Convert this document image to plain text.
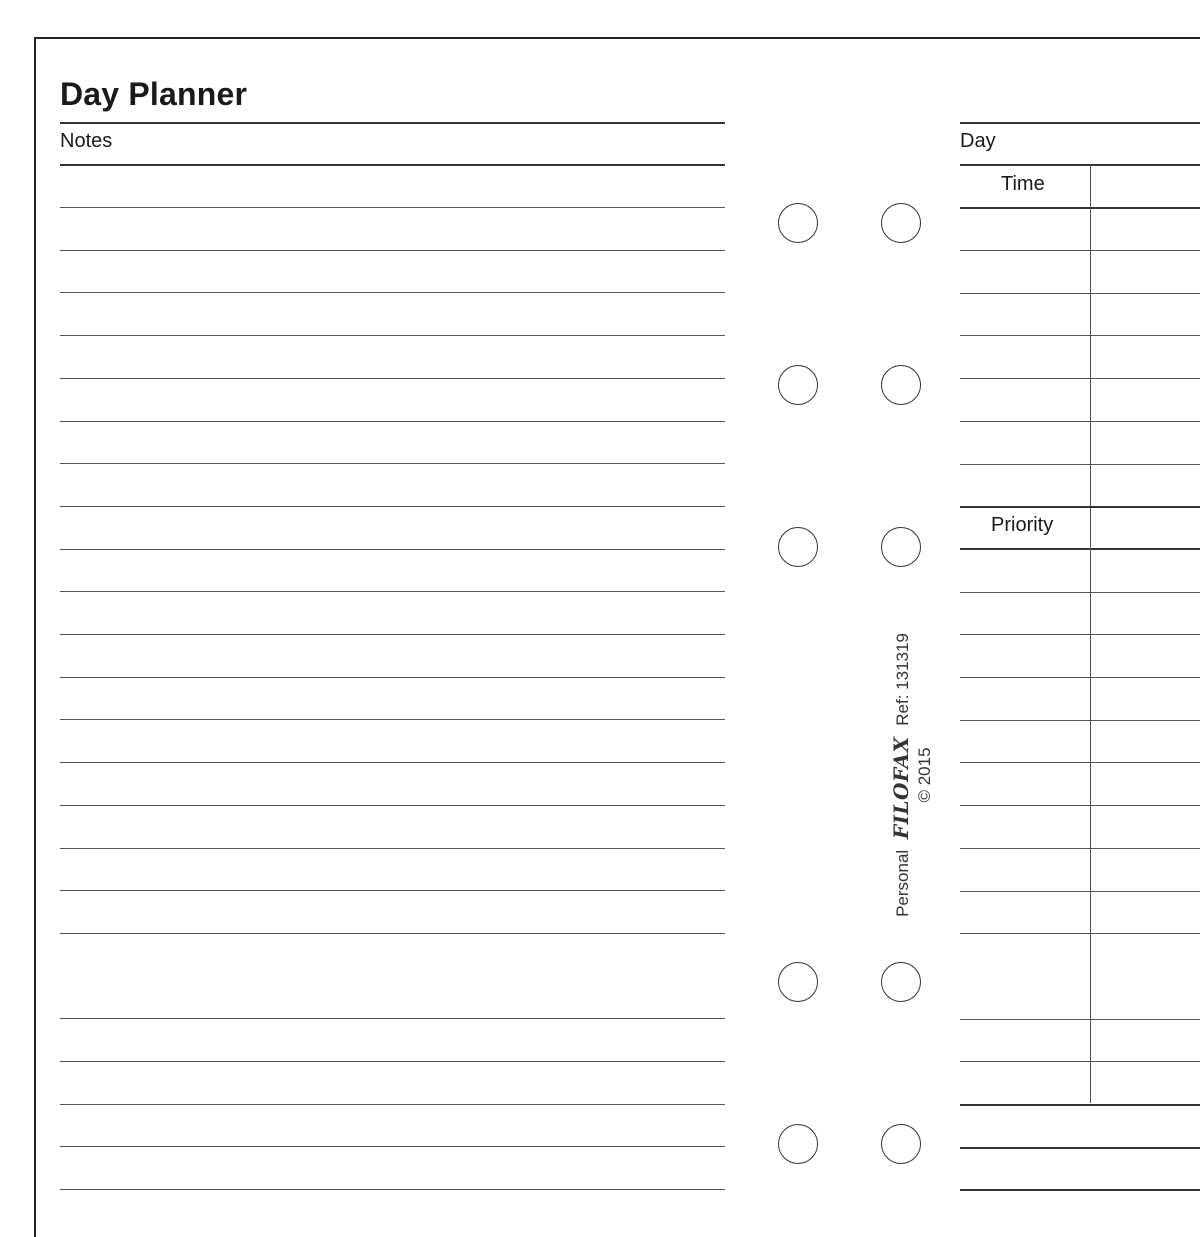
Day Planner
Notes	Day
Time
Priority
Personal FILOFAX Ref: 131319
© 2015
